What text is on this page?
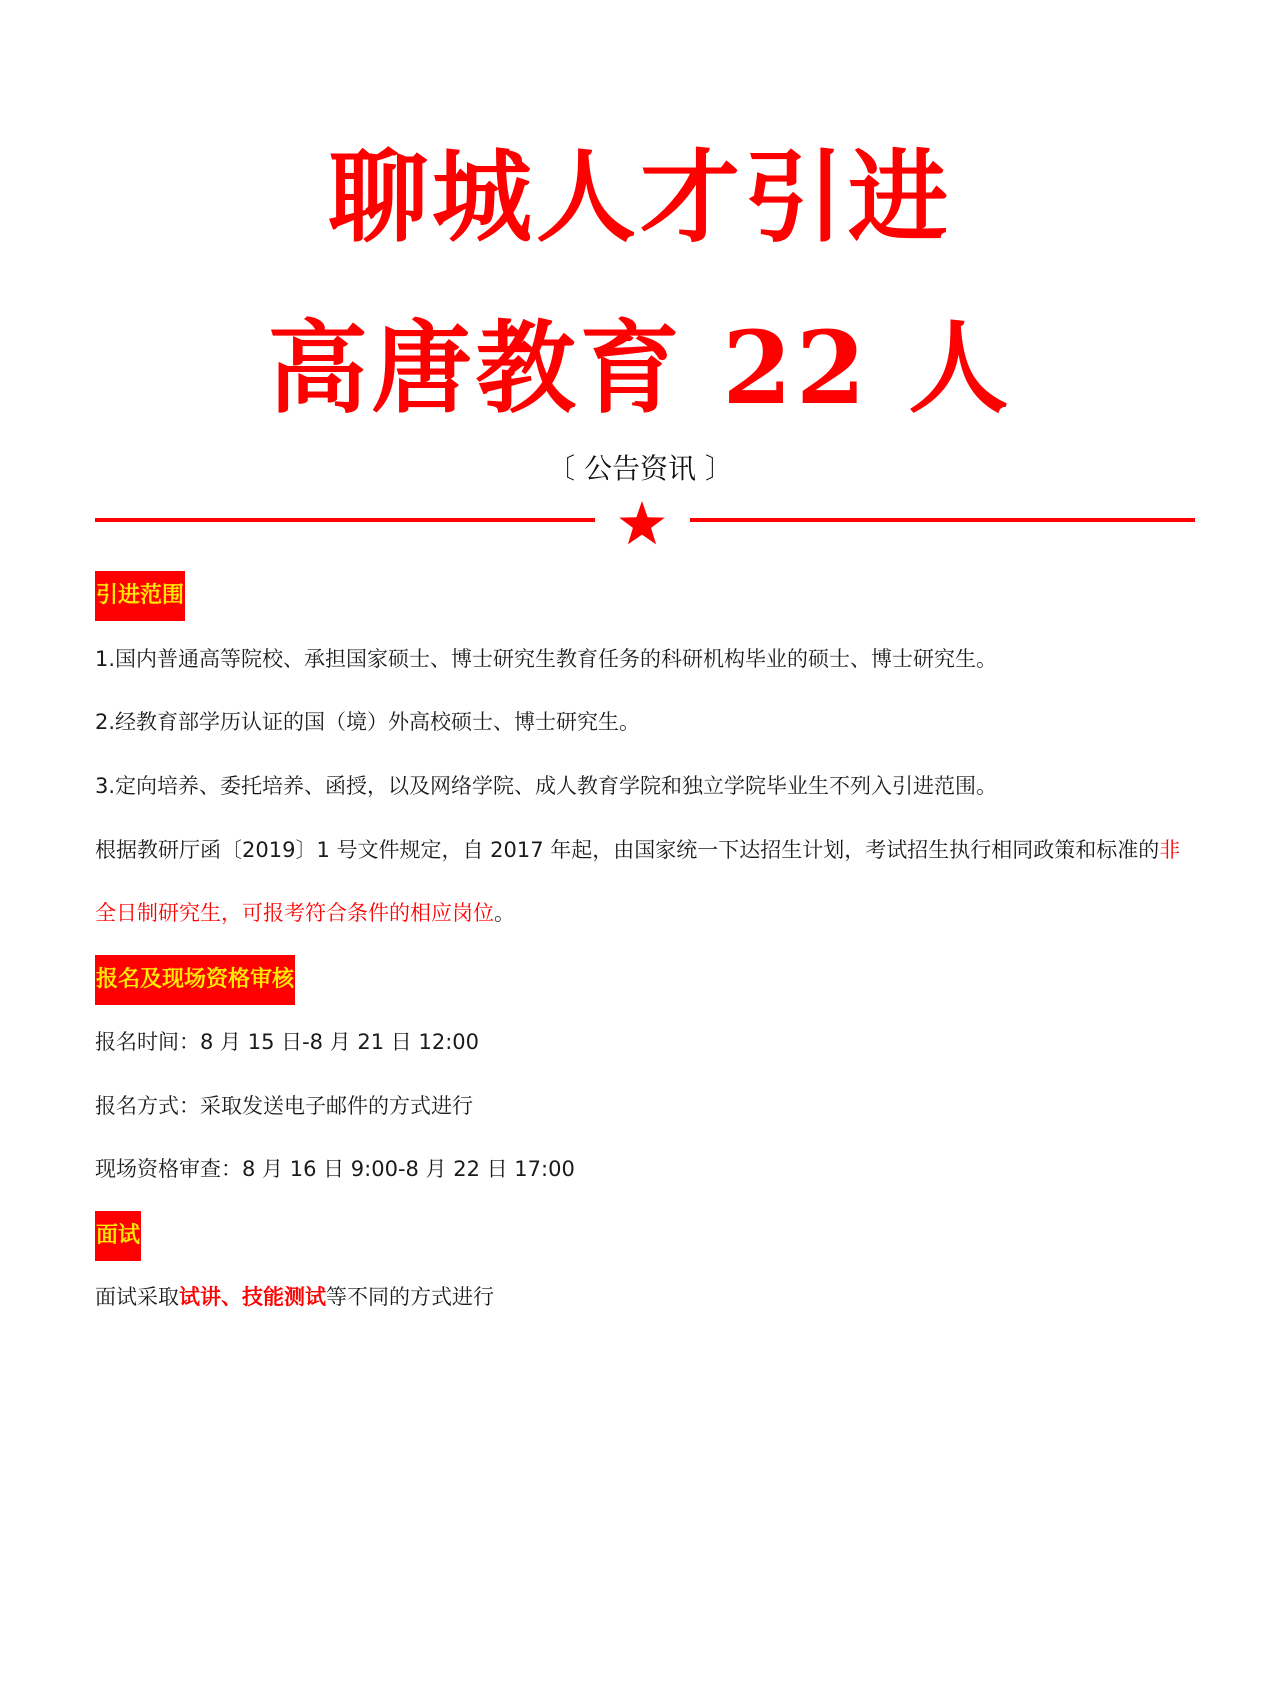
聊城人才引进
高唐教育 22 人
〔 公告资讯 〕
引进范围
1.国内普通高等院校、承担国家硕士、博士研究生教育任务的科研机构毕业的硕士、博士研究生。
2.经教育部学历认证的国（境）外高校硕士、博士研究生。
3.定向培养、委托培养、函授，以及网络学院、成人教育学院和独立学院毕业生不列入引进范围。
根据教研厅函〔2019〕1 号文件规定，自 2017 年起，由国家统一下达招生计划，考试招生执行相同政策和标准的非
全日制研究生，可报考符合条件的相应岗位。
报名及现场资格审核
报名时间：8 月 15 日-8 月 21 日 12:00
报名方式：采取发送电子邮件的方式进行
现场资格审查：8 月 16 日 9:00-8 月 22 日 17:00
面试
面试采取试讲、技能测试等不同的方式进行
